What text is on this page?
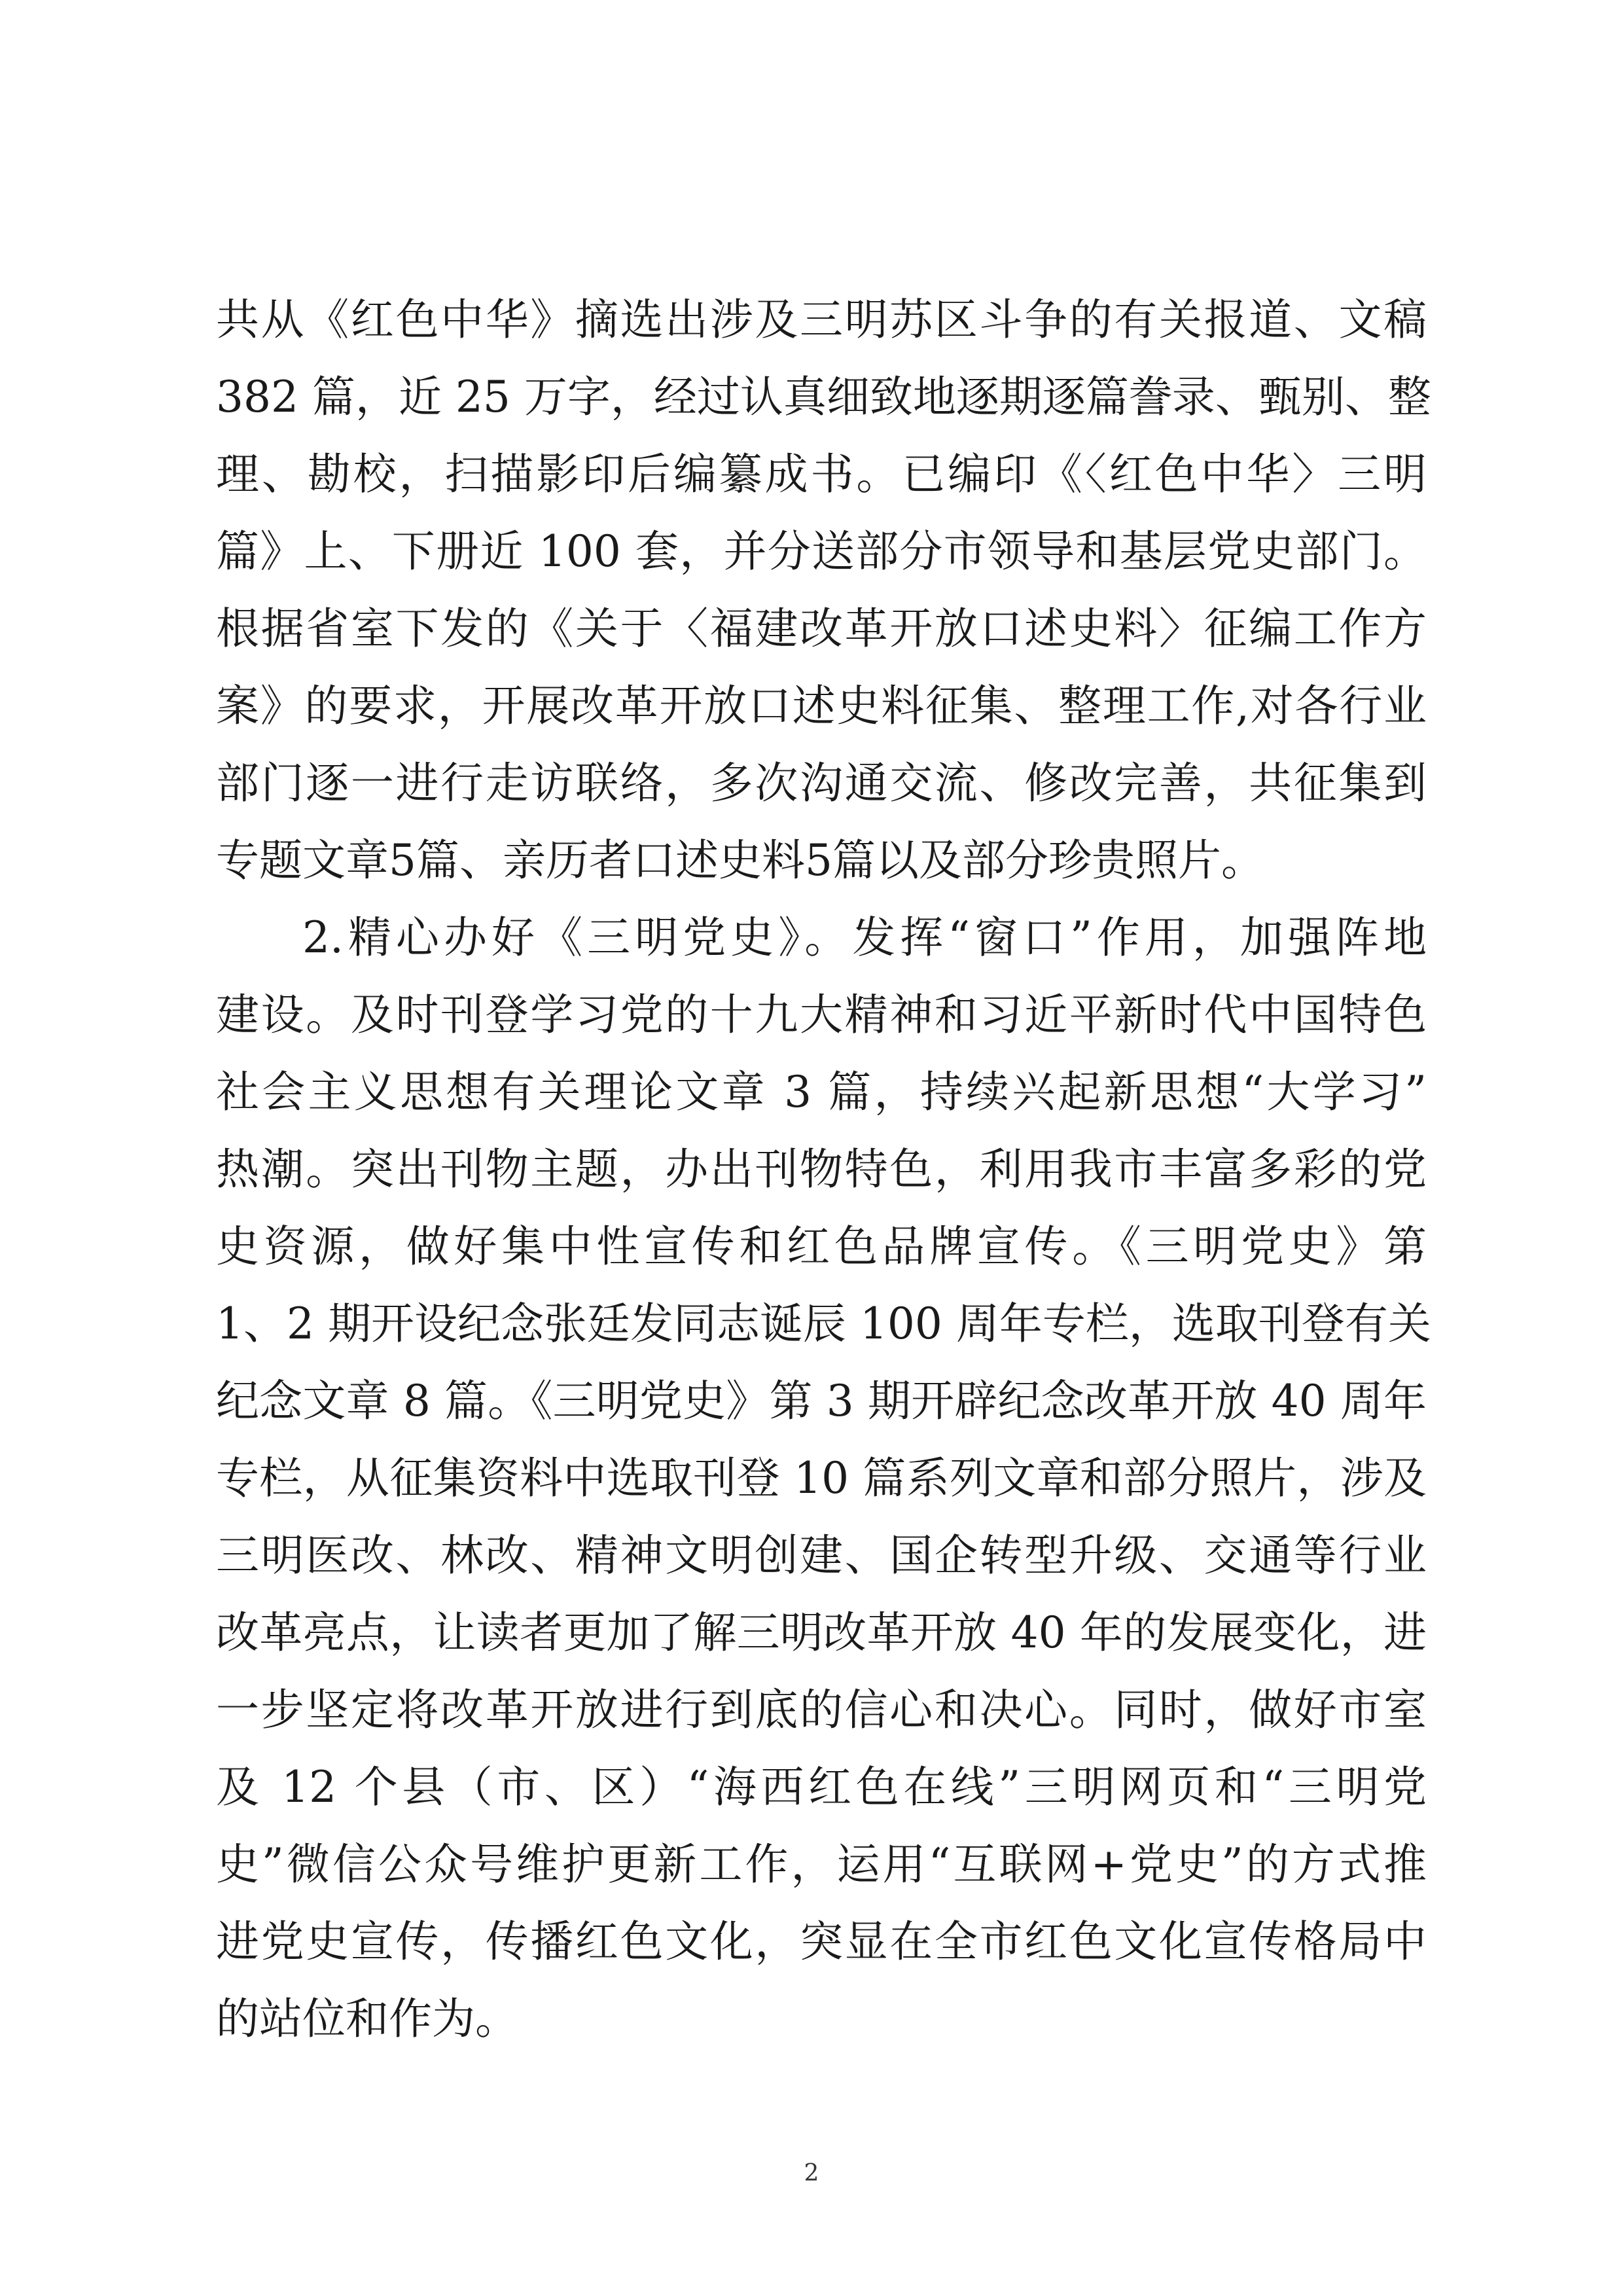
共从《红色中华》摘选出涉及三明苏区斗争的有关报道、文稿
382 篇，近 25 万字，经过认真细致地逐期逐篇誊录、甄别、整
理、勘校，扫描影印后编纂成书。已编印《〈红色中华〉三明
篇》上、下册近 100 套，并分送部分市领导和基层党史部门。
根据省室下发的《关于〈福建改革开放口述史料〉征编工作方
案》的要求，开展改革开放口述史料征集、整理工作,对各行业
部门逐一进行走访联络，多次沟通交流、修改完善，共征集到
专题文章5篇、亲历者口述史料5篇以及部分珍贵照片。
2.精心办好《三明党史》。发挥“窗口”作用，加强阵地
建设。及时刊登学习党的十九大精神和习近平新时代中国特色
社会主义思想有关理论文章 3 篇，持续兴起新思想“大学习”
热潮。突出刊物主题，办出刊物特色，利用我市丰富多彩的党
史资源，做好集中性宣传和红色品牌宣传。《三明党史》第
1、2 期开设纪念张廷发同志诞辰 100 周年专栏，选取刊登有关
纪念文章 8 篇。《三明党史》第 3 期开辟纪念改革开放 40 周年
专栏，从征集资料中选取刊登 10 篇系列文章和部分照片，涉及
三明医改、林改、精神文明创建、国企转型升级、交通等行业
改革亮点，让读者更加了解三明改革开放 40 年的发展变化，进
一步坚定将改革开放进行到底的信心和决心。同时，做好市室
及 12 个县（市、区）“海西红色在线”三明网页和“三明党
史”微信公众号维护更新工作，运用“互联网+党史”的方式推
进党史宣传，传播红色文化，突显在全市红色文化宣传格局中
的站位和作为。
2
